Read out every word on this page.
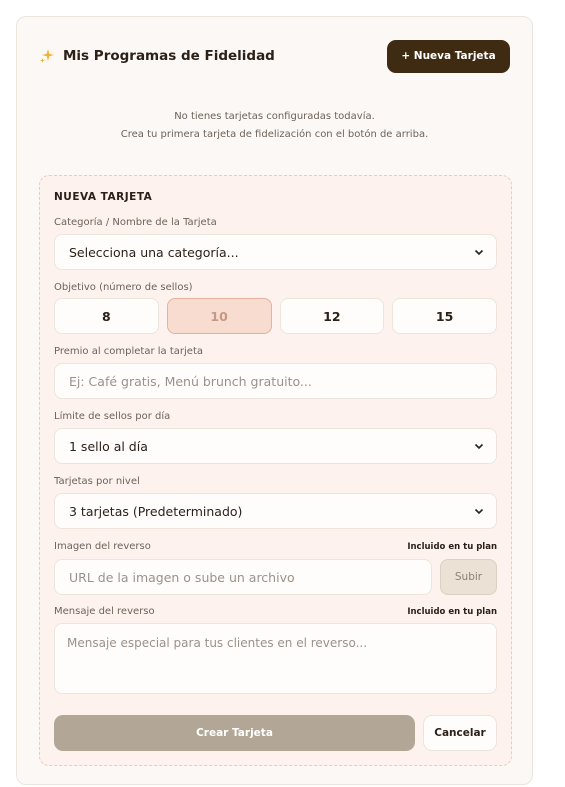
Mis Programas de Fidelidad	+ Nueva Tarjeta
No tienes tarjetas configuradas todavía.
Crea tu primera tarjeta de fidelización con el botón de arriba.
NUEVA TARJETA
Categoría / Nombre de la Tarjeta
Selecciona una categoría...
Objetivo (número de sellos)
8	10	12	15
Premio al completar la tarjeta
Ej: Café gratis, Menú brunch gratuito...
Límite de sellos por día
1 sello al día
Tarjetas por nivel
3 tarjetas (Predeterminado)
Imagen del reverso	Incluido en tu plan
URL de la imagen o sube un archivo	Subir
Mensaje del reverso	Incluido en tu plan
Mensaje especial para tus clientes en el reverso...
Crear Tarjeta	Cancelar
